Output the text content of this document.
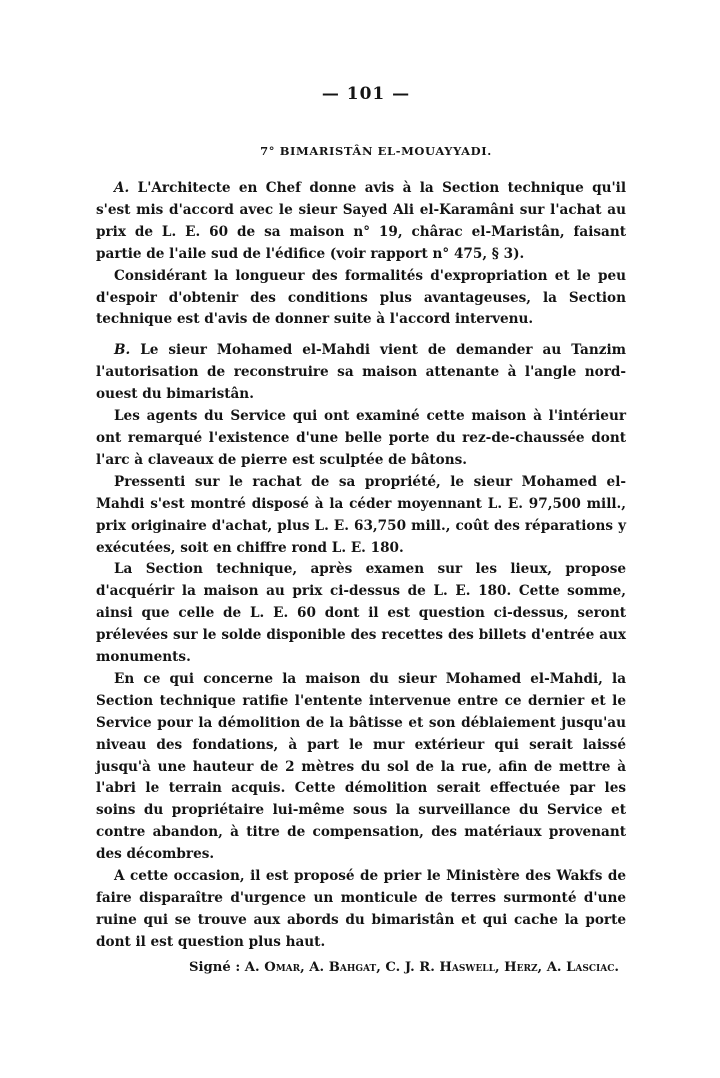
— 101 —
7° BIMARISTÂN EL-MOUAYYADI.

A. L'Architecte en Chef donne avis à la Section technique qu'il s'est mis d'accord avec le sieur Sayed Ali el-Karamâni sur l'achat au prix de L. E. 60 de sa maison n° 19, chârac el-Maristân, faisant partie de l'aile sud de l'édifice (voir rapport n° 475, § 3).

Considérant la longueur des formalités d'expropriation et le peu d'espoir d'obtenir des conditions plus avantageuses, la Section technique est d'avis de donner suite à l'accord intervenu.

B. Le sieur Mohamed el-Mahdi vient de demander au Tanzim l'autorisation de reconstruire sa maison attenante à l'angle nord-ouest du bimaristân.

Les agents du Service qui ont examiné cette maison à l'intérieur ont remarqué l'existence d'une belle porte du rez-de-chaussée dont l'arc à claveaux de pierre est sculptée de bâtons.

Pressenti sur le rachat de sa propriété, le sieur Mohamed el-Mahdi s'est montré disposé à la céder moyennant L. E. 97,500 mill., prix originaire d'achat, plus L. E. 63,750 mill., coût des réparations y exécutées, soit en chiffre rond L. E. 180.

La Section technique, après examen sur les lieux, propose d'acquérir la maison au prix ci-dessus de L. E. 180. Cette somme, ainsi que celle de L. E. 60 dont il est question ci-dessus, seront prélevées sur le solde disponible des recettes des billets d'entrée aux monuments.

En ce qui concerne la maison du sieur Mohamed el-Mahdi, la Section technique ratifie l'entente intervenue entre ce dernier et le Service pour la démolition de la bâtisse et son déblaiement jusqu'au niveau des fondations, à part le mur extérieur qui serait laissé jusqu'à une hauteur de 2 mètres du sol de la rue, afin de mettre à l'abri le terrain acquis. Cette démolition serait effectuée par les soins du propriétaire lui-même sous la surveillance du Service et contre abandon, à titre de compensation, des matériaux provenant des décombres.

A cette occasion, il est proposé de prier le Ministère des Wakfs de faire disparaître d'urgence un monticule de terres surmonté d'une ruine qui se trouve aux abords du bimaristân et qui cache la porte dont il est question plus haut.

Signé : A. Omar, A. Bahgat, C. J. R. Haswell, Herz, A. Lasciac.
